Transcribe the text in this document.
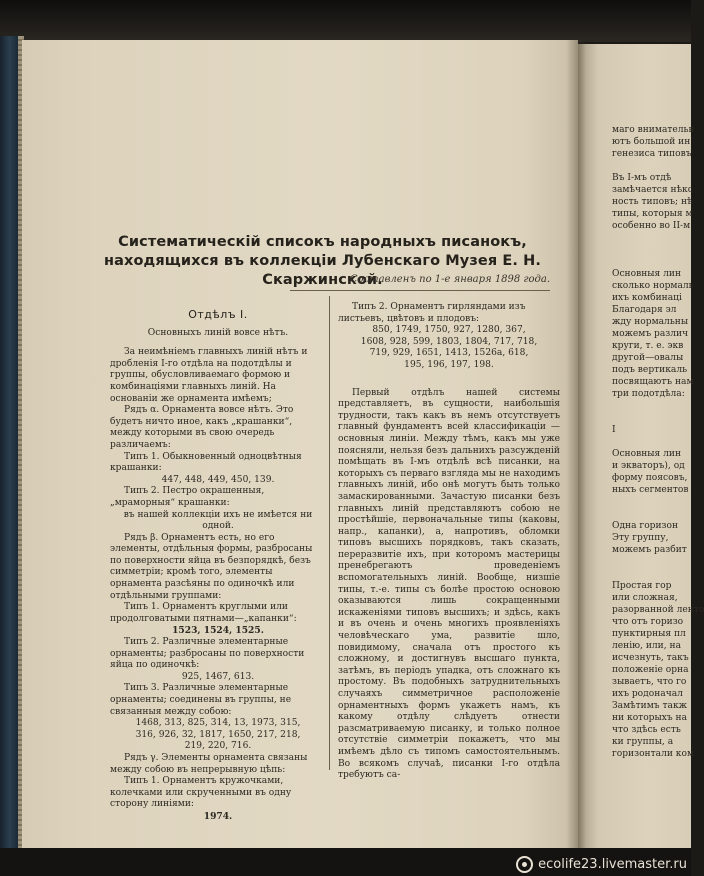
маго внимательн
ютъ большой ин
генезиса типовъ

Въ I-мъ отдѣ
замѣчается нѣкс
ность типовъ; нѣ
типы, которыя м
особенно во II-м

Основныя лин
сколько нормаль
ихъ комбинаці
Благодаря эл
жду нормальны
можемъ различ
круги, т. е. экв
другой—овалы
подъ вертикаль
посвящаютъ нам
три подотдѣла:

I

Основныя лин
и экваторъ), од
форму поясовъ,
ныхъ сегментов

Одна горизон
Эту группу,
можемъ разбит

Простая гор
или сложная,
разорванной ленто
что отъ горизо
пунктирныя пл
ленію, или, на
исчезнуть, такъ
положеніе орна
зываетъ, что го
ихъ родоначал
Замѣтимъ такж
ни которыхъ на
что здѣсь есть
ки группы, а
горизонтали ком
Систематическій списокъ народныхъ писанокъ, находящихся въ коллекціи Лубенскаго Музея Е. Н. Скаржинской.
Составленъ по 1-е января 1898 года.
Отдѣлъ I.
Основныхъ линій вовсе нѣтъ.
За неимѣніемъ главныхъ линій нѣтъ и дробленія I-го отдѣла на подотдѣлы и группы, обусловливаемаго формою и комбинаціями главныхъ линій. На основаніи же орнамента имѣемъ;
Рядъ α. Орнамента вовсе нѣтъ. Это будетъ ничто иное, какъ „крашанки“, между которыми въ свою очередь различаемъ:
Типъ 1. Обыкновенный одноцвѣтныя крашанки:
447, 448, 449, 450, 139.
Типъ 2. Пестро окрашенныя, „мраморныя“ крашанки:
въ нашей коллекціи ихъ не имѣется ни одной.
Рядъ β. Орнаментъ есть, но его элементы, отдѣльныя формы, разбросаны по поверхности яйца въ безпорядкѣ, безъ симметріи; кромѣ того, элементы орнамента разсѣяны по одиночкѣ или отдѣльными группами:
Типъ 1. Орнаментъ круглыми или продолговатыми пятнами—„капанки“:
1523, 1524, 1525.
Типъ 2. Различные элементарные орнаменты; разбросаны по поверхности яйца по одиночкѣ:
925, 1467, 613.
Типъ 3. Различные элементарные орнаменты; соединены въ группы, не связанныя между собою:
1468, 313, 825, 314, 13, 1973, 315,
316, 926, 32, 1817, 1650, 217, 218,
219, 220, 716.
Рядъ γ. Элементы орнамента связаны между собою въ непрерывную цѣпь:
Типъ 1. Орнаментъ кружочками, колечками или скрученными въ одну сторону линіями:
1974.
Типъ 2. Орнаментъ гирляндами изъ листьевъ, цвѣтовъ и плодовъ:
850, 1749, 1750, 927, 1280, 367,
1608, 928, 599, 1803, 1804, 717, 718,
719, 929, 1651, 1413, 1526а, 618,
195, 196, 197, 198.
Первый отдѣлъ нашей системы представляетъ, въ сущности, наибольшія трудности, такъ какъ въ немъ отсутствуетъ главный фундаментъ всей классификаціи — основныя линіи. Между тѣмъ, какъ мы уже поясняли, нельзя безъ дальнихъ разсужденій помѣщать въ I-мъ отдѣлѣ всѣ писанки, на которыхъ съ перваго взгляда мы не находимъ главныхъ линій, ибо онѣ могутъ быть только замаскированными. Зачастую писанки безъ главныхъ линій представляютъ собою не простѣйшіе, первоначальные типы (каковы, напр., капанки), а, напротивъ, обломки типовъ высшихъ порядковъ, такъ сказать, переразвитіе ихъ, при которомъ мастерицы пренебрегаютъ проведеніемъ вспомогательныхъ линій. Вообще, низшіе типы, т.-е. типы съ болѣе простою основою оказываются лишь сокращенными искаженіями типовъ высшихъ; и здѣсь, какъ и въ очень и очень многихъ проявленіяхъ человѣческаго ума, развитіе шло, повидимому, сначала отъ простого къ сложному, и достигнувъ высшаго пункта, затѣмъ, въ періодъ упадка, отъ сложнаго къ простому. Въ подобныхъ затруднительныхъ случаяхъ симметричное расположеніе орнаментныхъ формъ укажетъ намъ, къ какому отдѣлу слѣдуетъ отнести разсматриваемую писанку, и только полное отсутствіе симметріи покажетъ, что мы имѣемъ дѣло съ типомъ самостоятельнымъ. Во всякомъ случаѣ, писанки I-го отдѣла требуютъ са-
ecolife23.livemaster.ru
